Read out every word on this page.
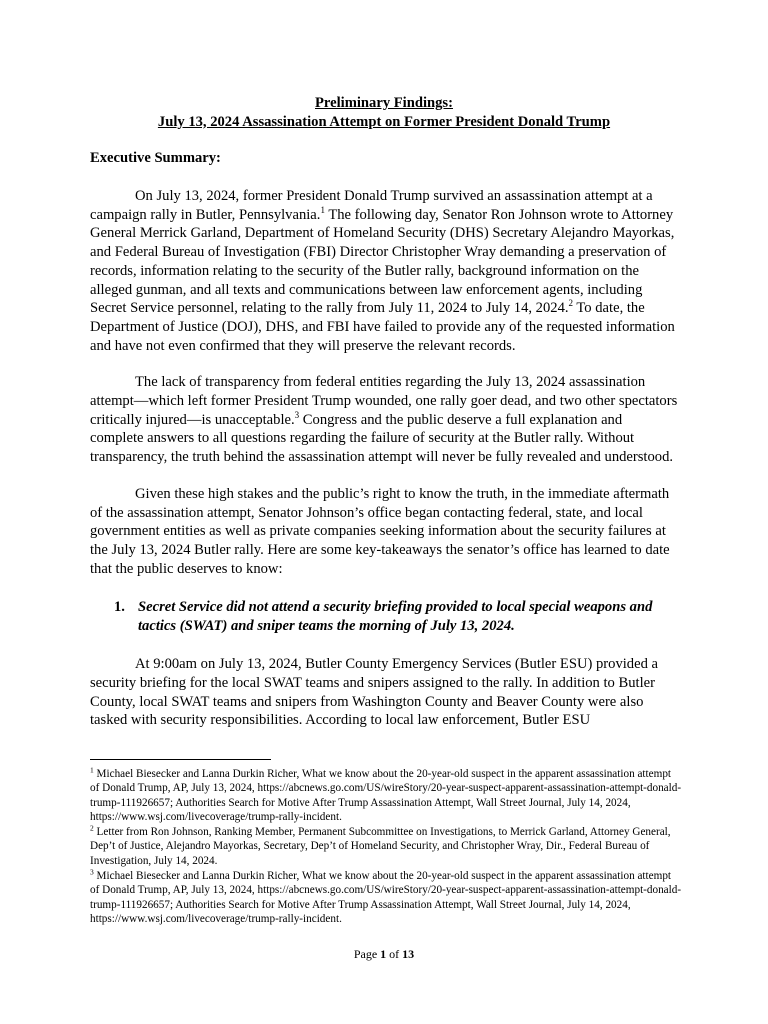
Preliminary Findings:

July 13, 2024 Assassination Attempt on Former President Donald Trump

Executive Summary:

On July 13, 2024, former President Donald Trump survived an assassination attempt at a campaign rally in Butler, Pennsylvania.$^1$ The following day, Senator Ron Johnson wrote to Attorney General Merrick Garland, Department of Homeland Security (DHS) Secretary Alejandro Mayorkas, and Federal Bureau of Investigation (FBI) Director Christopher Wray demanding a preservation of records, information relating to the security of the Butler rally, background information on the alleged gunman, and all texts and communications between law enforcement agents, including Secret Service personnel, relating to the rally from July 11, 2024 to July 14, 2024.$^2$ To date, the Department of Justice (DOJ), DHS, and FBI have failed to provide any of the requested information and have not even confirmed that they will preserve the relevant records.

The lack of transparency from federal entities regarding the July 13, 2024 assassination attempt—which left former President Trump wounded, one rally goer dead, and two other spectators critically injured—is unacceptable.$^3$ Congress and the public deserve a full explanation and complete answers to all questions regarding the failure of security at the Butler rally. Without transparency, the truth behind the assassination attempt will never be fully revealed and understood.

Given these high stakes and the public’s right to know the truth, in the immediate aftermath of the assassination attempt, Senator Johnson’s office began contacting federal, state, and local government entities as well as private companies seeking information about the security failures at the July 13, 2024 Butler rally. Here are some key-takeaways the senator’s office has learned to date that the public deserves to know:

1. Secret Service did not attend a security briefing provided to local special weapons and tactics (SWAT) and sniper teams the morning of July 13, 2024.

At 9:00am on July 13, 2024, Butler County Emergency Services (Butler ESU) provided a security briefing for the local SWAT teams and snipers assigned to the rally. In addition to Butler County, local SWAT teams and snipers from Washington County and Beaver County were also tasked with security responsibilities. According to local law enforcement, Butler ESU

$^1$ Michael Biesecker and Lanna Durkin Richer, What we know about the 20-year-old suspect in the apparent assassination attempt of Donald Trump, AP, July 13, 2024, https://abcnews.go.com/US/wireStory/20-year-suspect-apparent-assassination-attempt-donald-trump-111926657; Authorities Search for Motive After Trump Assassination Attempt, Wall Street Journal, July 14, 2024, https://www.wsj.com/livecoverage/trump-rally-incident.

$^2$ Letter from Ron Johnson, Ranking Member, Permanent Subcommittee on Investigations, to Merrick Garland, Attorney General, Dep’t of Justice, Alejandro Mayorkas, Secretary, Dep’t of Homeland Security, and Christopher Wray, Dir., Federal Bureau of Investigation, July 14, 2024.

$^3$ Michael Biesecker and Lanna Durkin Richer, What we know about the 20-year-old suspect in the apparent assassination attempt of Donald Trump, AP, July 13, 2024, https://abcnews.go.com/US/wireStory/20-year-suspect-apparent-assassination-attempt-donald-trump-111926657; Authorities Search for Motive After Trump Assassination Attempt, Wall Street Journal, July 14, 2024, https://www.wsj.com/livecoverage/trump-rally-incident.

Page 1 of 13
